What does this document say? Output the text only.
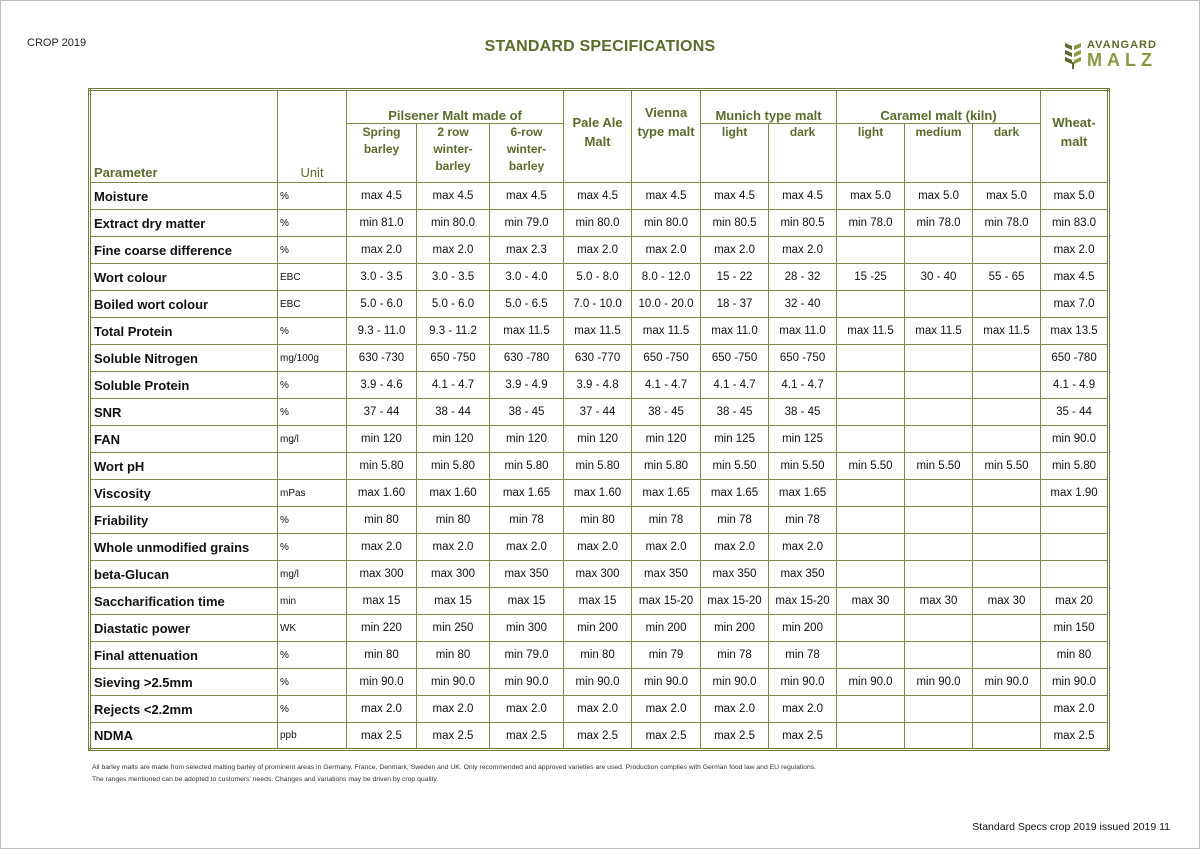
CROP 2019	STANDARD SPECIFICATIONS	AVANGARD
MALZ
Parameter	Unit	Pilsener Malt made of			Pale Ale Malt	Vienna type malt	Munich type malt		Caramel malt (kiln)			Wheat-malt
		Spring barley	2 row winter-barley	6-row winter-barley			light	dark	light	medium	dark	
Moisture	%	max 4.5	max 4.5	max 4.5	max 4.5	max 4.5	max 4.5	max 4.5	max 5.0	max 5.0	max 5.0	max 5.0
Extract dry matter	%	min 81.0	min 80.0	min 79.0	min 80.0	min 80.0	min 80.5	min 80.5	min 78.0	min 78.0	min 78.0	min 83.0
Fine coarse difference	%	max 2.0	max 2.0	max 2.3	max 2.0	max 2.0	max 2.0	max 2.0				max 2.0
Wort colour	EBC	3.0 - 3.5	3.0 - 3.5	3.0 - 4.0	5.0 - 8.0	8.0 - 12.0	15 - 22	28 - 32	15 -25	30 - 40	55 - 65	max 4.5
Boiled wort colour	EBC	5.0 - 6.0	5.0 - 6.0	5.0 - 6.5	7.0 - 10.0	10.0 - 20.0	18 - 37	32 - 40				max 7.0
Total Protein	%	9.3 - 11.0	9.3 - 11.2	max 11.5	max 11.5	max 11.5	max 11.0	max 11.0	max 11.5	max 11.5	max 11.5	max 13.5
Soluble Nitrogen	mg/100g	630 -730	650 -750	630 -780	630 -770	650 -750	650 -750	650 -750				650 -780
Soluble Protein	%	3.9 - 4.6	4.1 - 4.7	3.9 - 4.9	3.9 - 4.8	4.1 - 4.7	4.1 - 4.7	4.1 - 4.7				4.1 - 4.9
SNR	%	37 - 44	38 - 44	38 - 45	37 - 44	38 - 45	38 - 45	38 - 45				35 - 44
FAN	mg/l	min 120	min 120	min 120	min 120	min 120	min 125	min 125				min 90.0
Wort pH		min 5.80	min 5.80	min 5.80	min 5.80	min 5.80	min 5.50	min 5.50	min 5.50	min 5.50	min 5.50	min 5.80
Viscosity	mPas	max 1.60	max 1.60	max 1.65	max 1.60	max 1.65	max 1.65	max 1.65				max 1.90
Friability	%	min 80	min 80	min 78	min 80	min 78	min 78	min 78				
Whole unmodified grains	%	max 2.0	max 2.0	max 2.0	max 2.0	max 2.0	max 2.0	max 2.0				
beta-Glucan	mg/l	max 300	max 300	max 350	max 300	max 350	max 350	max 350				
Saccharification time	min	max 15	max 15	max 15	max 15	max 15-20	max 15-20	max 15-20	max 30	max 30	max 30	max 20
Diastatic power	WK	min 220	min 250	min 300	min 200	min 200	min 200	min 200				min 150
Final attenuation	%	min 80	min 80	min 79.0	min 80	min 79	min 78	min 78				min 80
Sieving >2.5mm	%	min 90.0	min 90.0	min 90.0	min 90.0	min 90.0	min 90.0	min 90.0	min 90.0	min 90.0	min 90.0	min 90.0
Rejects <2.2mm	%	max 2.0	max 2.0	max 2.0	max 2.0	max 2.0	max 2.0	max 2.0				max 2.0
NDMA	ppb	max 2.5	max 2.5	max 2.5	max 2.5	max 2.5	max 2.5	max 2.5				max 2.5
All barley malts are made from selected malting barley of prominent areas in Germany, France, Denmark, Sweden and UK. Only recommended and approved varieties are used. Production complies with German food law and EU regulations.
The ranges mentioned can be adopted to customers' needs. Changes and variations may be driven by crop quality.
Standard Specs crop 2019 issued 2019 11
